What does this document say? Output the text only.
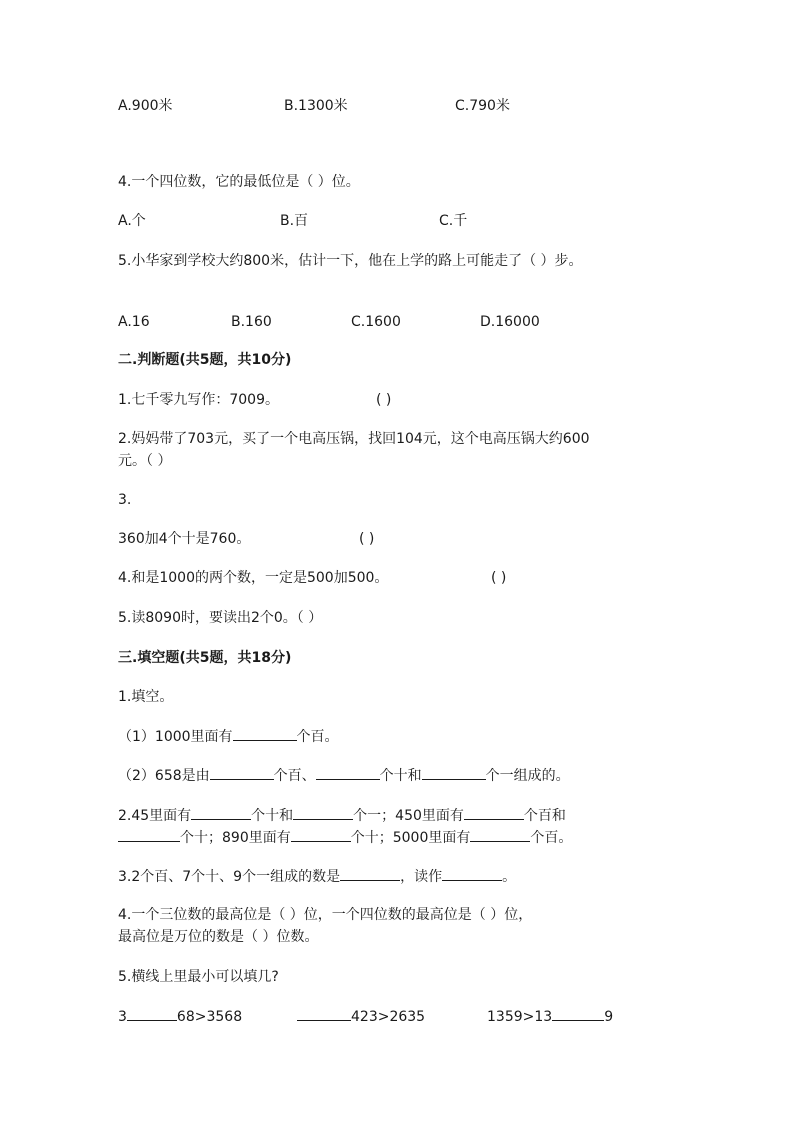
A.900米	B.1300米	C.790米
4.一个四位数，它的最低位是（ ）位。
A.个	B.百	C.千
5.小华家到学校大约800米，估计一下，他在上学的路上可能走了（ ）步。
A.16	B.160	C.1600	D.16000
二.判断题(共5题，共10分)
1.七千零九写作：7009。	( )
2.妈妈带了703元，买了一个电高压锅，找回104元，这个电高压锅大约600
元。（ ）
3.
360加4个十是760。	( )
4.和是1000的两个数，一定是500加500。	( )
5.读8090时，要读出2个0。（ ）
三.填空题(共5题，共18分)
1.填空。
（1）1000里面有	个百。
（2）658是由	个百、	个十和	个一组成的。
2.45里面有	个十和	个一；450里面有	个百和
个十；890里面有	个十；5000里面有	个百。
3.2个百、7个十、9个一组成的数是	，读作	。
4.一个三位数的最高位是（ ）位，一个四位数的最高位是（ ）位，
最高位是万位的数是（ ）位数。
5.横线上里最小可以填几?
3	68>3568	423>2635	1359>13	9
